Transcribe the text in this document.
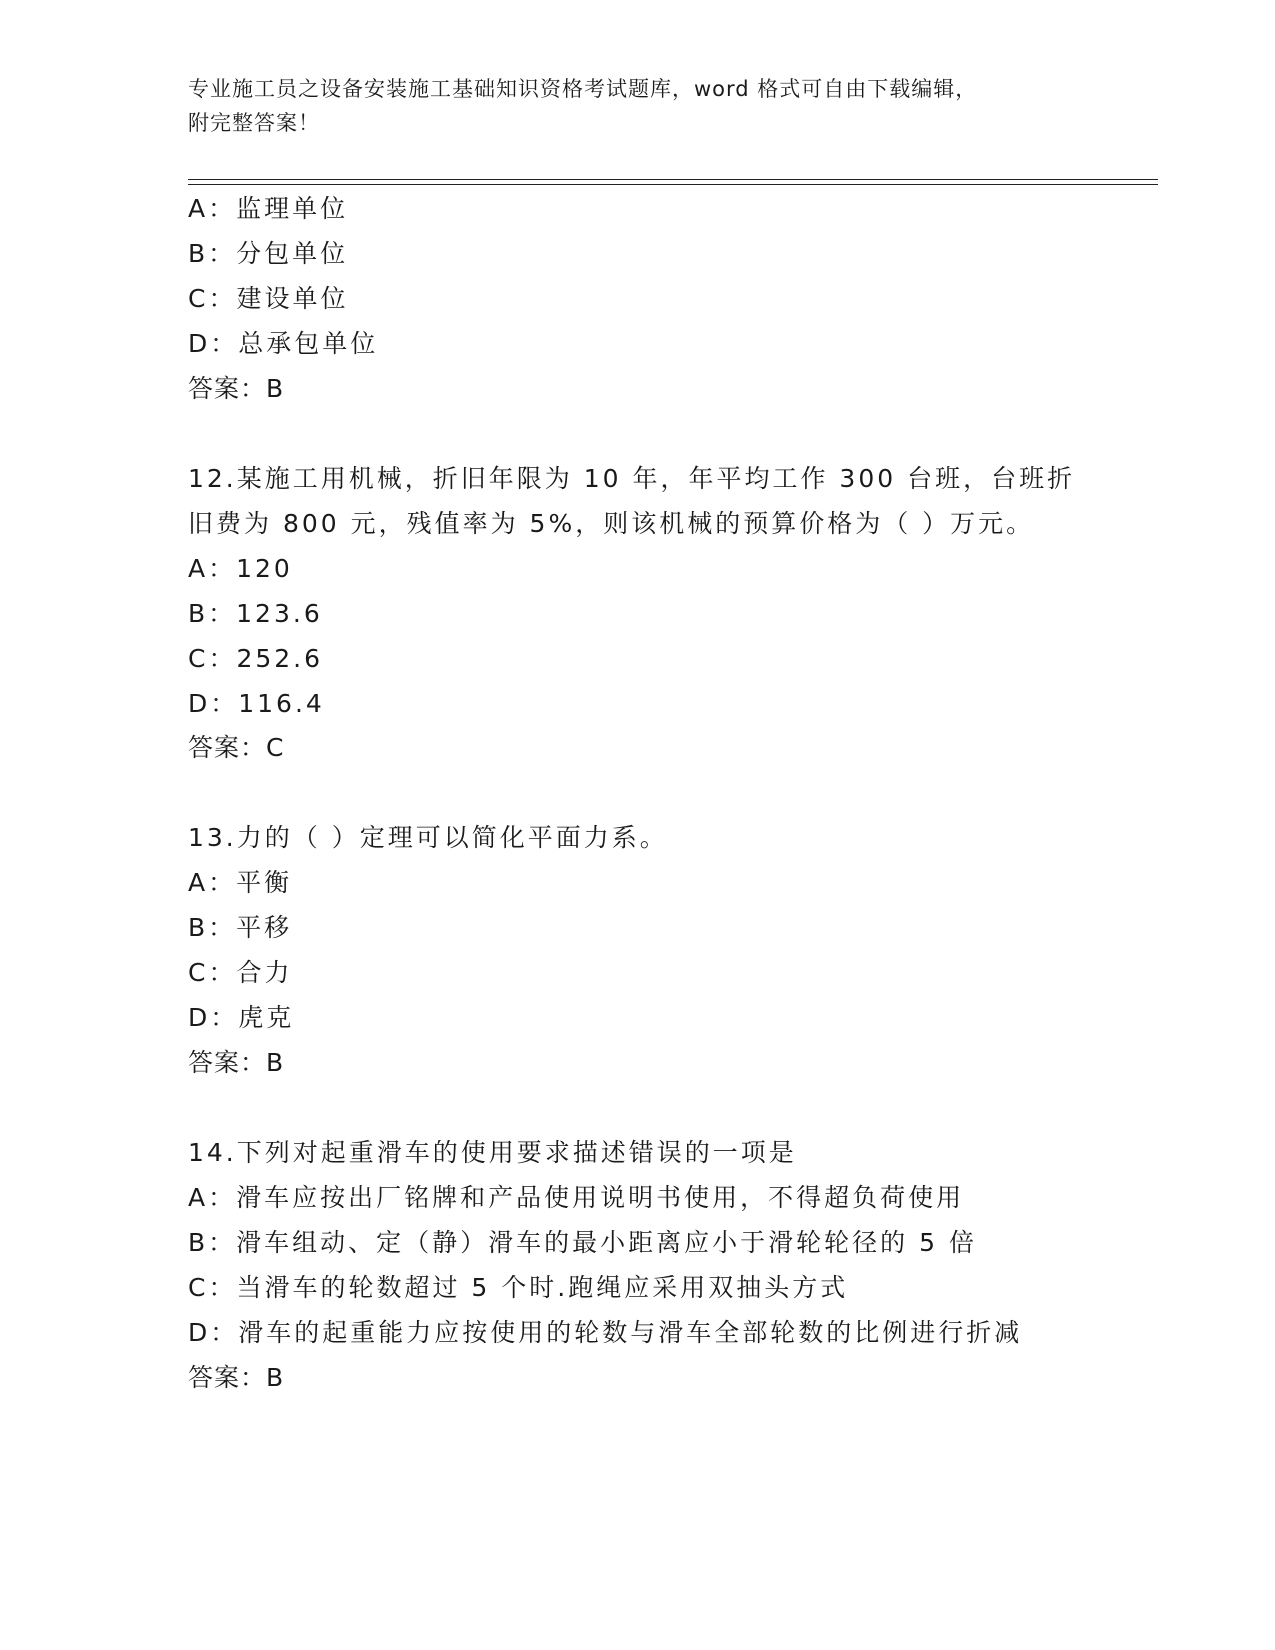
专业施工员之设备安装施工基础知识资格考试题库，word 格式可自由下载编辑，
附完整答案！
A：监理单位
B：分包单位
C：建设单位
D：总承包单位
答案：B
12.某施工用机械，折旧年限为 10 年，年平均工作 300 台班，台班折
旧费为 800 元，残值率为 5%，则该机械的预算价格为（ ）万元。
A：120
B：123.6
C：252.6
D：116.4
答案：C
13.力的（ ）定理可以简化平面力系。
A：平衡
B：平移
C：合力
D：虎克
答案：B
14.下列对起重滑车的使用要求描述错误的一项是
A：滑车应按出厂铭牌和产品使用说明书使用，不得超负荷使用
B：滑车组动、定（静）滑车的最小距离应小于滑轮轮径的 5 倍
C：当滑车的轮数超过 5 个时.跑绳应采用双抽头方式
D：滑车的起重能力应按使用的轮数与滑车全部轮数的比例进行折减
答案：B
